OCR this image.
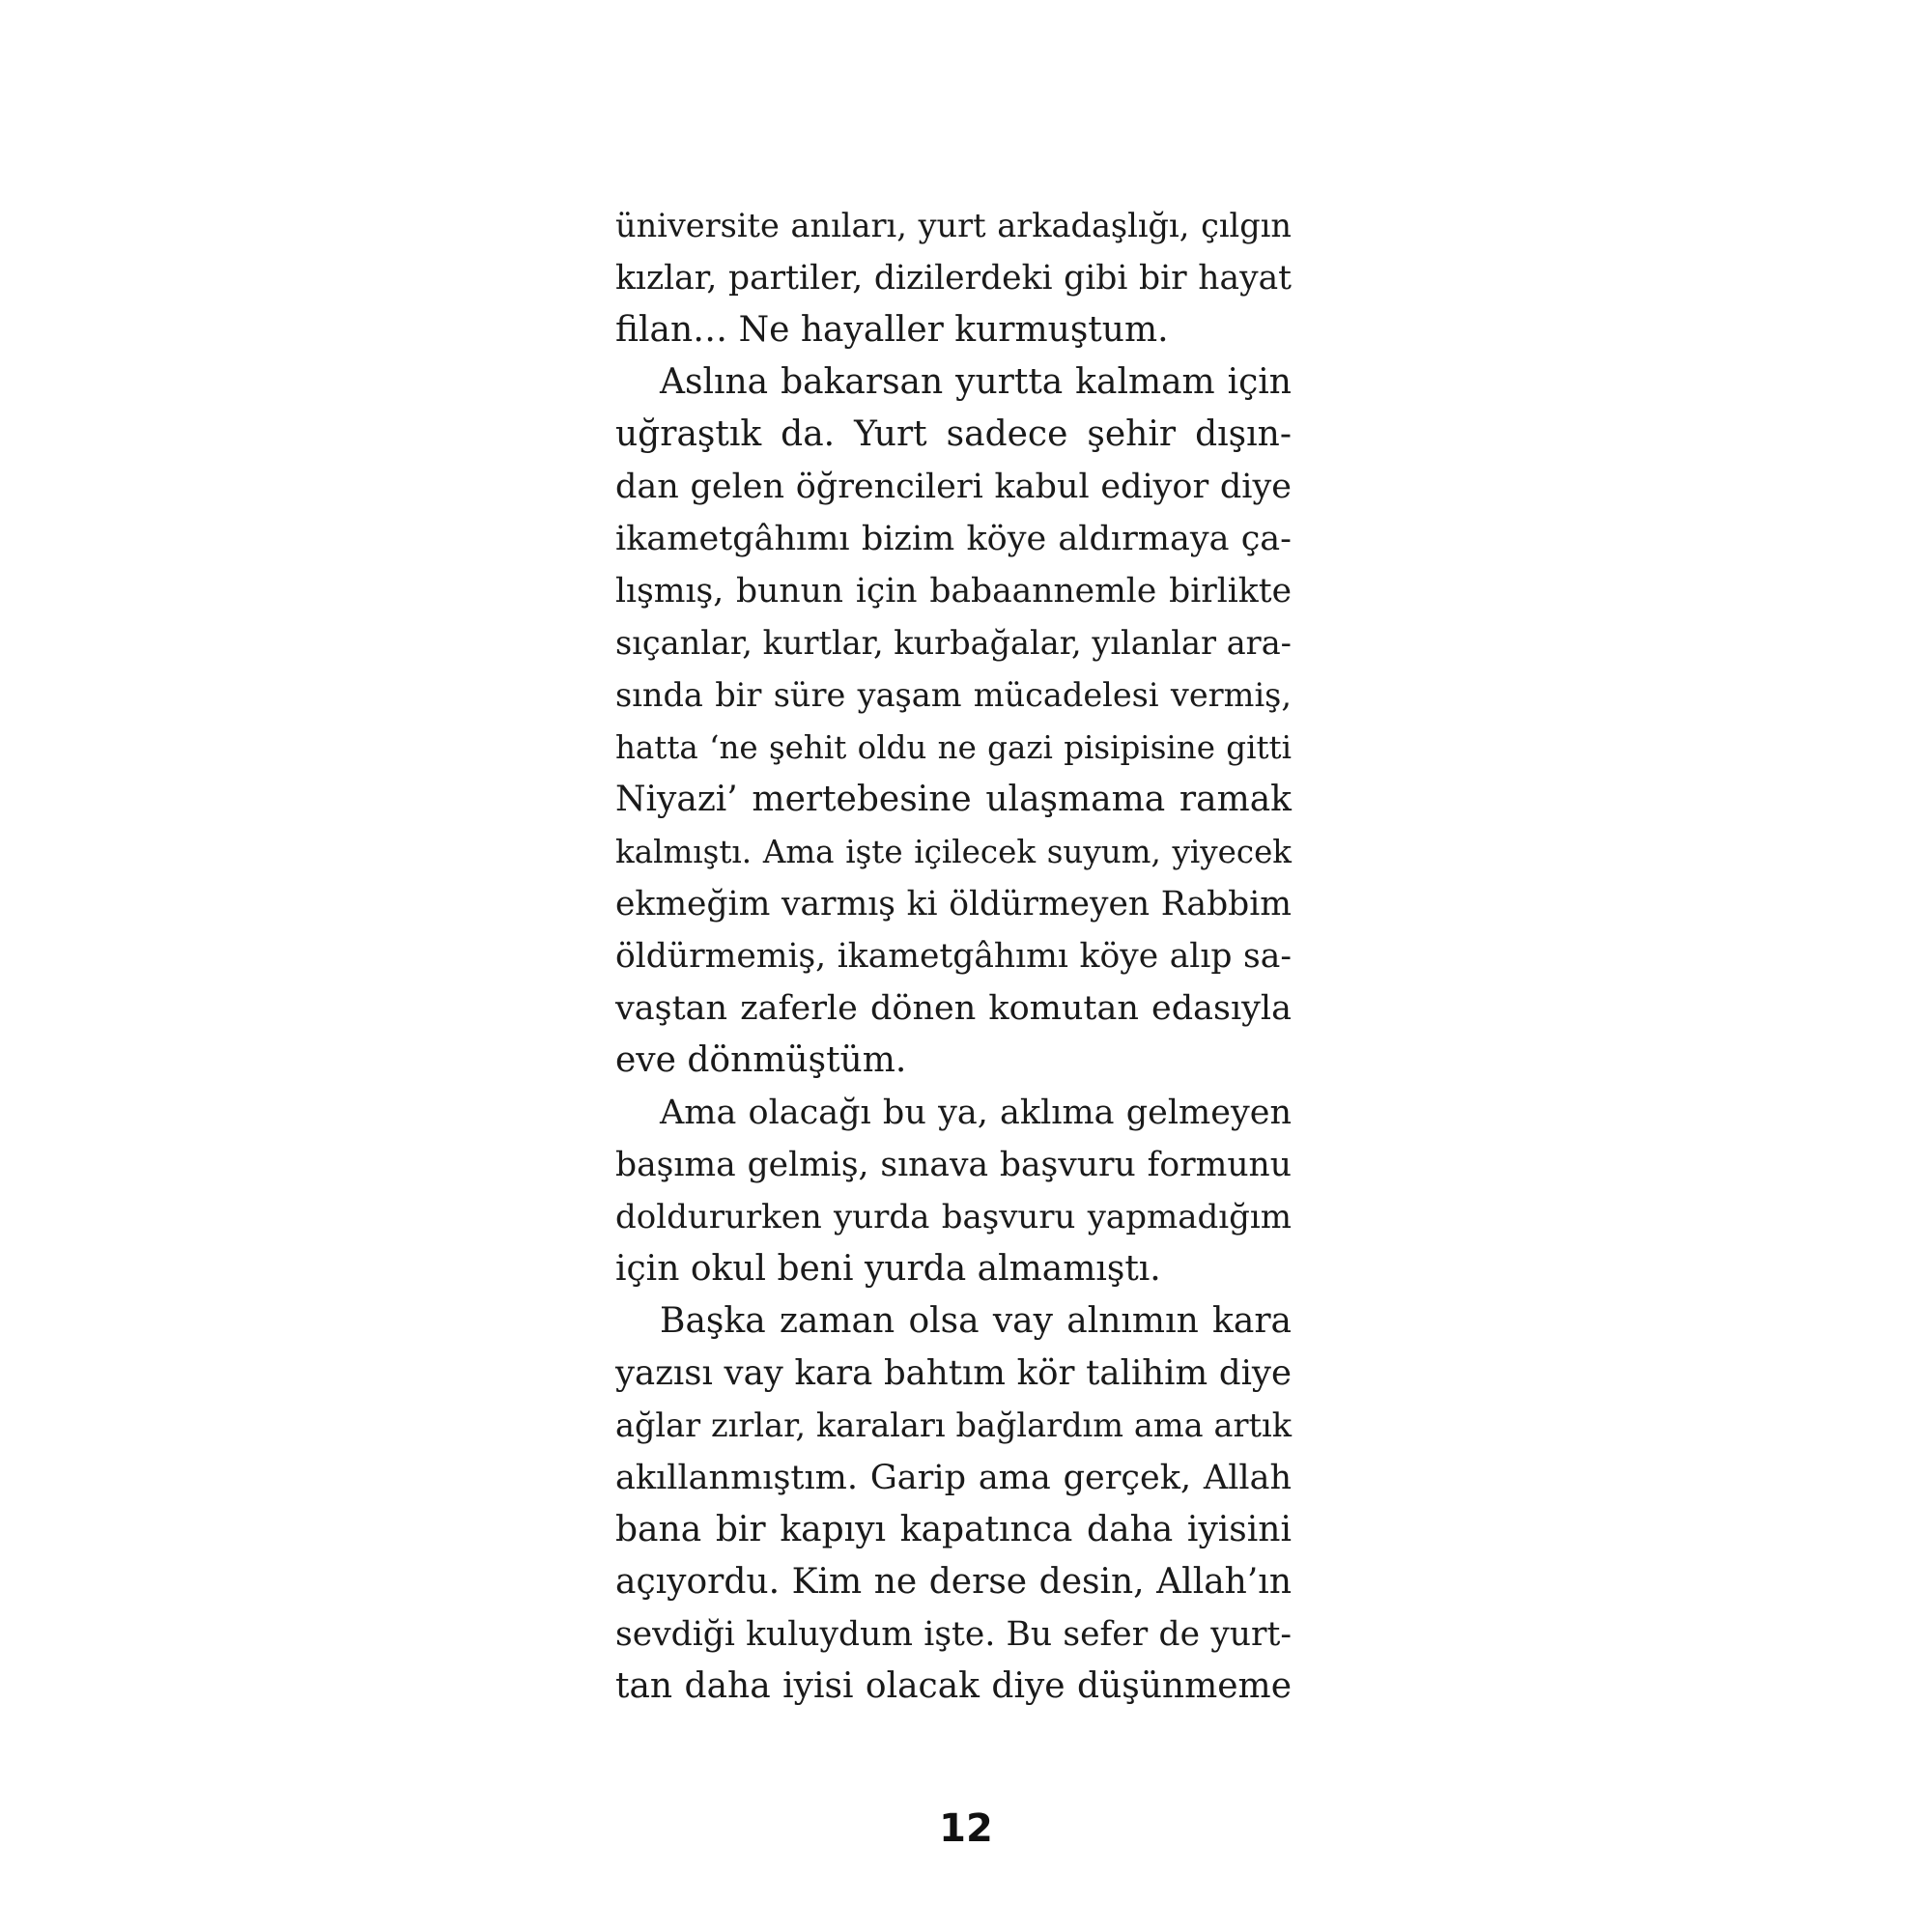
üniversite anıları, yurt arkadaşlığı, çılgın
kızlar, partiler, dizilerdeki gibi bir hayat
filan… Ne hayaller kurmuştum.
Aslına bakarsan yurtta kalmam için
uğraştık da. Yurt sadece şehir dışın-
dan gelen öğrencileri kabul ediyor diye
ikametgâhımı bizim köye aldırmaya ça-
lışmış, bunun için babaannemle birlikte
sıçanlar, kurtlar, kurbağalar, yılanlar ara-
sında bir süre yaşam mücadelesi vermiş,
hatta ‘ne şehit oldu ne gazi pisipisine gitti
Niyazi’ mertebesine ulaşmama ramak
kalmıştı. Ama işte içilecek suyum, yiyecek
ekmeğim varmış ki öldürmeyen Rabbim
öldürmemiş, ikametgâhımı köye alıp sa-
vaştan zaferle dönen komutan edasıyla
eve dönmüştüm.
Ama olacağı bu ya, aklıma gelmeyen
başıma gelmiş, sınava başvuru formunu
doldururken yurda başvuru yapmadığım
için okul beni yurda almamıştı.
Başka zaman olsa vay alnımın kara
yazısı vay kara bahtım kör talihim diye
ağlar zırlar, karaları bağlardım ama artık
akıllanmıştım. Garip ama gerçek, Allah
bana bir kapıyı kapatınca daha iyisini
açıyordu. Kim ne derse desin, Allah’ın
sevdiği kuluydum işte. Bu sefer de yurt-
tan daha iyisi olacak diye düşünmeme
12
